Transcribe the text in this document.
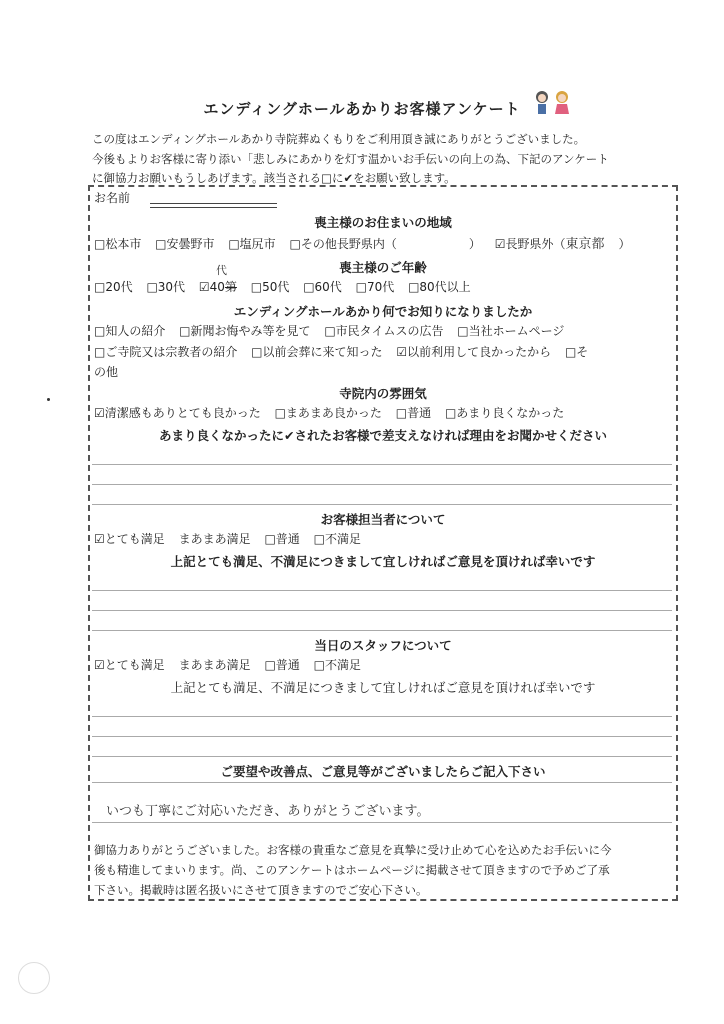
エンディングホールあかりお客様アンケート
この度はエンディングホールあかり寺院葬ぬくもりをご利用頂き誠にありがとうございました。
今後もよりお客様に寄り添い「悲しみにあかりを灯す温かいお手伝いの向上の為、下記のアンケート
に御協力お願いもうしあげます。該当される□に✔をお願い致します。
お名前
喪主様のお住まいの地域
□松本市 □安曇野市 □塩尻市 □その他長野県内（　　　　　　） ☑長野県外（東京都 ）
喪主様のご年齢
□20代 □30代 ☑40第 □50代 □60代 □70代 □80代以上
代
エンディングホールあかり何でお知りになりましたか
□知人の紹介 □新聞お悔やみ等を見て □市民タイムスの広告 □当社ホームページ
□ご寺院又は宗教者の紹介 □以前会葬に来て知った ☑以前利用して良かったから □そ
の他
寺院内の雰囲気
☑清潔感もありとても良かった □まあまあ良かった □普通 □あまり良くなかった
あまり良くなかったに✔されたお客様で差支えなければ理由をお聞かせください
お客様担当者について
☑とても満足 まあまあ満足 □普通 □不満足
上記とても満足、不満足につきまして宜しければご意見を頂ければ幸いです
当日のスタッフについて
☑とても満足 まあまあ満足 □普通 □不満足
上記とても満足、不満足につきまして宜しければご意見を頂ければ幸いです
ご要望や改善点、ご意見等がございましたらご記入下さい
いつも丁寧にご対応いただき、ありがとうございます。
御協力ありがとうございました。お客様の貴重なご意見を真摯に受け止めて心を込めたお手伝いに今
後も精進してまいります。尚、このアンケートはホームページに掲載させて頂きますので予めご了承
下さい。掲載時は匿名扱いにさせて頂きますのでご安心下さい。
